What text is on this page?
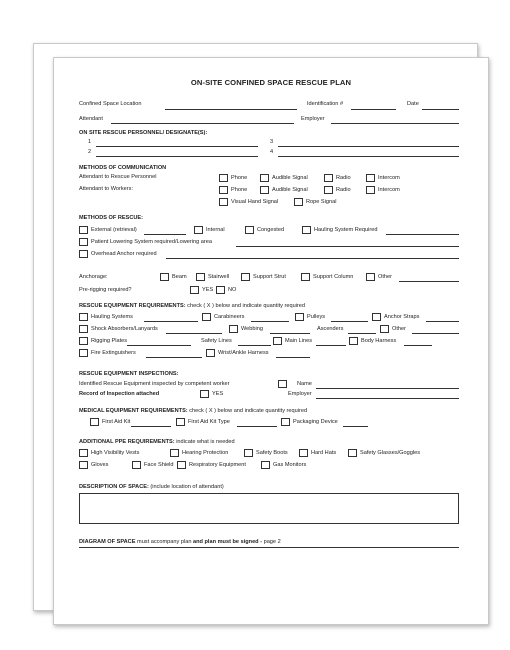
ON-SITE CONFINED SPACE RESCUE PLAN
Confined Space Location	Identification #	Date
Attendant	Employer
ON SITE RESCUE PERSONNEL/ DESIGNATE(S):
1	3
2	4
METHODS OF COMMUNICATION
Attendant to Rescue Personnel	Phone	Audible Signal	Radio	Intercom
Attendant to Workers:	Phone	Audible Signal	Radio	Intercom
Visual Hand Signal	Rope Signal
METHODS OF RESCUE:
External (retrieval)	Internal	Congested	Hauling System Required
Patient Lowering System required/Lowering area
Overhead Anchor required
Anchorage:	Beam	Stairwell	Support Strut	Support Column	Other
Pre-rigging required?	YES	NO
RESCUE EQUIPMENT REQUIREMENTS: check ( X ) below and indicate quantity required
Hauling Systems	Carabineers	Pulleys	Anchor Straps
Shock Absorbers/Lanyards	Webbing	Ascenders	Other
Rigging Plates	Safety Lines	Main Lines	Body Harness
Fire Extinguishers	Wrist/Ankle Harness
RESCUE EQUIPMENT INSPECTIONS:
Identified Rescue Equipment inspected by competent worker	Name
Record of Inspection attached	YES	Employer
MEDICAL EQUIPMENT REQUIREMENTS: check ( X ) below and indicate quantity required
First Aid Kit	First Aid Kit Type	Packaging Device
ADDITIONAL PPE REQUIREMENTS: indicate what is needed
High Visibility Vests	Hearing Protection	Safety Boots	Hard Hats	Safety Glasses/Goggles
Gloves	Face Shield	Respiratory Equipment	Gas Monitors
DESCRIPTION OF SPACE: (include location of attendant)
DIAGRAM OF SPACE must accompany plan and plan must be signed - page 2
